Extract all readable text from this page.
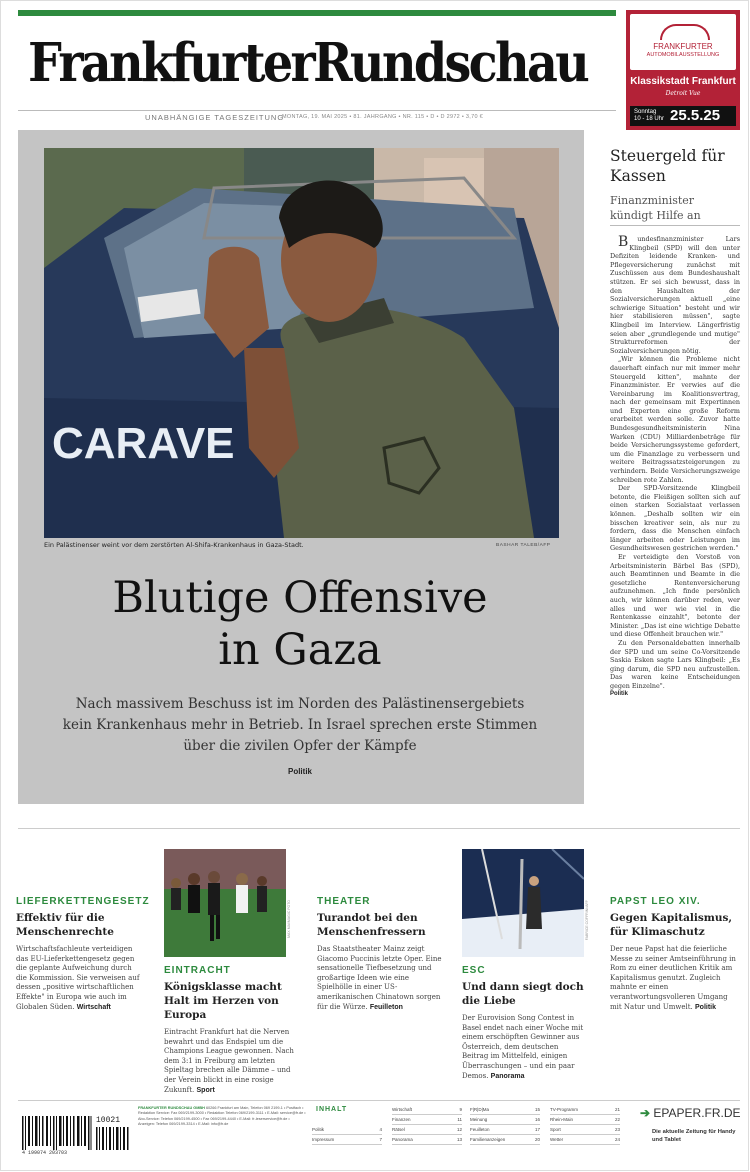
FrankfurterRundschau
UNABHÄNGIGE TAGESZEITUNG
MONTAG, 19. MAI 2025 • 81. JAHRGANG • NR. 115 • D • D 2972 • 3,70 €
FRANKFURTER
AUTOMOBILAUSSTELLUNG
Klassikstadt Frankfurt
Detroit Vue
Sonntag 10 - 18 Uhr 25.5.25
CARAVE
Ein Palästinenser weint vor dem zerstörten Al-Shifa-Krankenhaus in Gaza-Stadt.	BASHAR TALEB/AFP
Blutige Offensive
in Gaza
Nach massivem Beschuss ist im Norden des Palästinensergebiets kein Krankenhaus mehr in Betrieb. In Israel sprechen erste Stimmen über die zivilen Opfer der Kämpfe
Politik
Steuergeld für Kassen
Finanzminister kündigt Hilfe an

Bundesfinanzminister Lars Klingbeil (SPD) will den unter Defiziten leidende Kranken- und Pflegeversicherung zunächst mit Zuschüssen aus dem Bundeshaushalt stützen. Er sei sich bewusst, dass in den Haushalten der Sozialversicherungen aktuell „eine schwierige Situation" besteht und wir hier stabilisieren müssen", sagte Klingbeil im Interview. Längerfristig seien aber „grundlegende und mutige" Strukturreformen der Sozialversicherungen nötig.

„Wir können die Probleme nicht dauerhaft einfach nur mit immer mehr Steuergeld kitten", mahnte der Finanzminister. Er verwies auf die Vereinbarung im Koalitionsvertrag, nach der gemeinsam mit Expertinnen und Experten eine große Reform erarbeitet werden solle. Zuvor hatte Bundesgesundheitsministerin Nina Warken (CDU) Milliardenbeträge für beide Versicherungssysteme gefordert, um die Finanzlage zu verbessern und weitere Beitragssatzsteigerungen zu verhindern. Beide Versicherungszweige schreiben rote Zahlen.

Der SPD-Vorsitzende Klingbeil betonte, die Fleißigen sollten sich auf einen starken Sozialstaat verlassen können. „Deshalb sollten wir ein bisschen kreativer sein, als nur zu fordern, dass die Menschen einfach länger arbeiten oder Leistungen im Gesundheitswesen gestrichen werden."

Er verteidigte den Vorstoß von Arbeitsministerin Bärbel Bas (SPD), auch Beamtinnen und Beamte in die gesetzliche Rentenversicherung aufzunehmen. „Ich finde persönlich auch, wir können darüber reden, wer alles und wer wie viel in die Rentenkasse einzahlt", betonte der Minister. „Das ist eine wichtige Debatte und diese Offenheit brauchen wir."

Zu den Personaldebatten innerhalb der SPD und um seine Co-Vorsitzende Saskia Esken sagte Lars Klingbeil: „Es ging darum, die SPD neu aufzustellen. Das waren keine Entscheidungen gegen Einzelne".

Politik
LIEFERKETTENGESETZ
Effektiv für die Menschenrechte
Wirtschaftsfachleute verteidigen das EU-Lieferkettengesetz gegen die geplante Aufweichung durch die Kommission. Sie verweisen auf dessen „positive wirtschaftlichen Effekte" in Europa wie auch im Globalen Süden. Wirtschaft
MAX MAI/MAGIC FOTO
EINTRACHT
Königsklasse macht Halt im Herzen von Europa
Eintracht Frankfurt hat die Nerven bewahrt und das Endspiel um die Champions League gewonnen. Nach dem 3:1 in Freiburg am letzten Spieltag brechen alle Dämme – und der Verein blickt in eine rosige Zukunft. Sport
THEATER
Turandot bei den Menschenfressern
Das Staatstheater Mainz zeigt Giacomo Puccinis letzte Oper. Eine sensationelle Tiefbesetzung und großartige Ideen wie eine Spielhölle in einer US-amerikanischen Chinatown sorgen für die Würze. Feuilleton
FABRICE COFFRINI/AFP
ESC
Und dann siegt doch die Liebe
Der Eurovision Song Contest in Basel endet nach einer Woche mit einem erschöpften Gewinner aus Österreich, dem deutschen Beitrag im Mittelfeld, einigen Überraschungen – und ein paar Demos. Panorama
PAPST LEO XIV.
Gegen Kapitalismus, für Klimaschutz
Der neue Papst hat die feierliche Messe zu seiner Amtseinführung in Rom zu einer deutlichen Kritik am Kapitalismus genutzt. Zugleich mahnte er einen verantwortungsvolleren Umgang mit Natur und Umwelt. Politik
4 199074 203703
10021
FRANKFURTER RUNDSCHAU GMBH 60266 Frankfurt am Main, Telefon 069 2199-1 • Postfach • Redaktion Service: Fax 069/2199-3000 • Redaktion Telefon 069/2199-3111 • E-Mail: service@fr.de • Abo-Service: Telefon 069/2199-4500 • Fax 069/2199-4440 • E-Mail: fr-leserservice@fr.de • Anzeigen: Telefon 069/2199-3314 • E-Mail: info@fr.de
INHALT
Politik	4
Impressum	7
Wirtschaft	9
Finanzen	11
Rätsel	12
Panorama	13
F|R|D|Ma	15
Meinung	16
Feuilleton	17
Familienanzeigen	20
TV-Programm	21
Rhein-Main	22
Sport	23
Wetter	24
➔ EPAPER.FR.DE
Die aktuelle Zeitung für Handy und Tablet
